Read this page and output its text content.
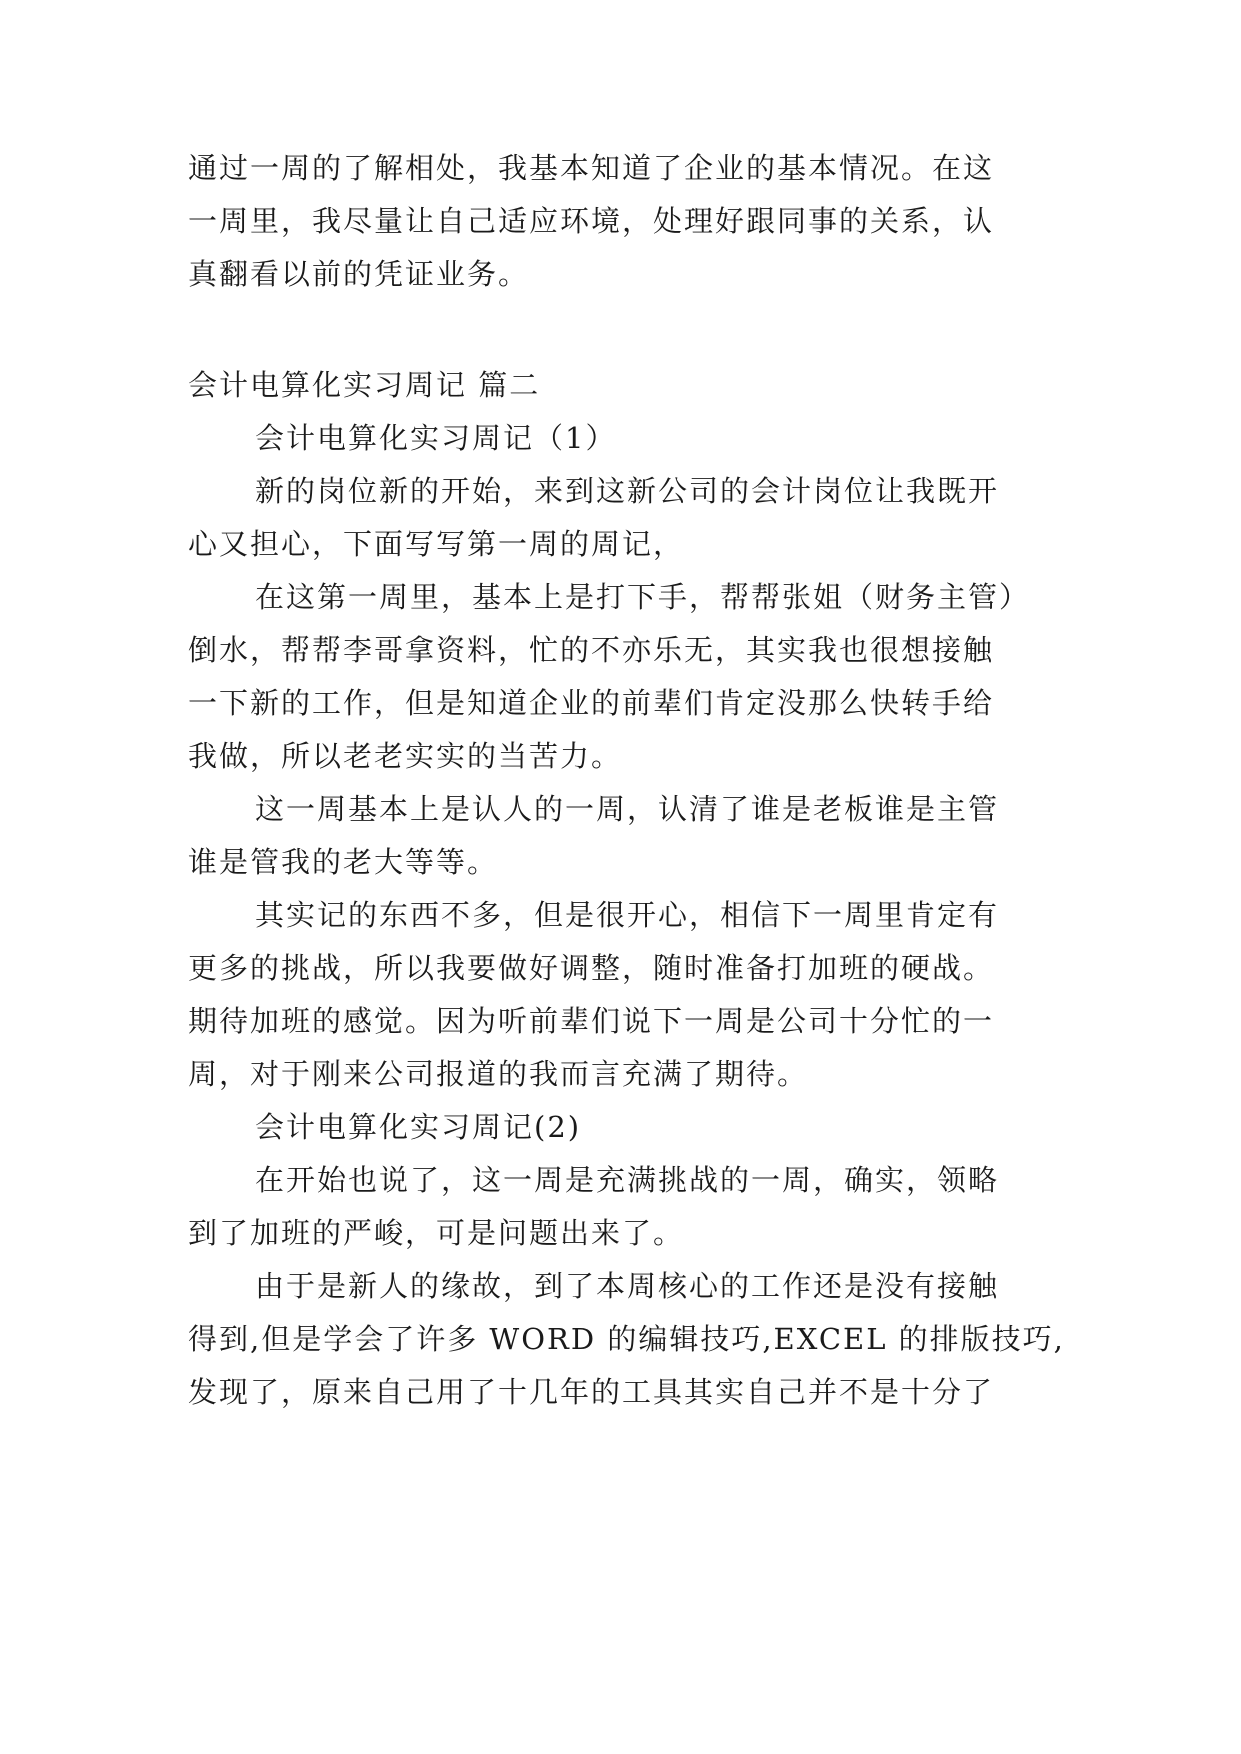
通过一周的了解相处，我基本知道了企业的基本情况。在这
一周里，我尽量让自己适应环境，处理好跟同事的关系，认
真翻看以前的凭证业务。
会计电算化实习周记 篇二
会计电算化实习周记（1）
新的岗位新的开始，来到这新公司的会计岗位让我既开
心又担心，下面写写第一周的周记，
在这第一周里，基本上是打下手，帮帮张姐（财务主管）
倒水，帮帮李哥拿资料，忙的不亦乐无，其实我也很想接触
一下新的工作，但是知道企业的前辈们肯定没那么快转手给
我做，所以老老实实的当苦力。
这一周基本上是认人的一周，认清了谁是老板谁是主管
谁是管我的老大等等。
其实记的东西不多，但是很开心，相信下一周里肯定有
更多的挑战，所以我要做好调整，随时准备打加班的硬战。
期待加班的感觉。因为听前辈们说下一周是公司十分忙的一
周，对于刚来公司报道的我而言充满了期待。
会计电算化实习周记(2)
在开始也说了，这一周是充满挑战的一周，确实，领略
到了加班的严峻，可是问题出来了。
由于是新人的缘故，到了本周核心的工作还是没有接触
得到,但是学会了许多 WORD 的编辑技巧,EXCEL 的排版技巧,
发现了，原来自己用了十几年的工具其实自己并不是十分了
